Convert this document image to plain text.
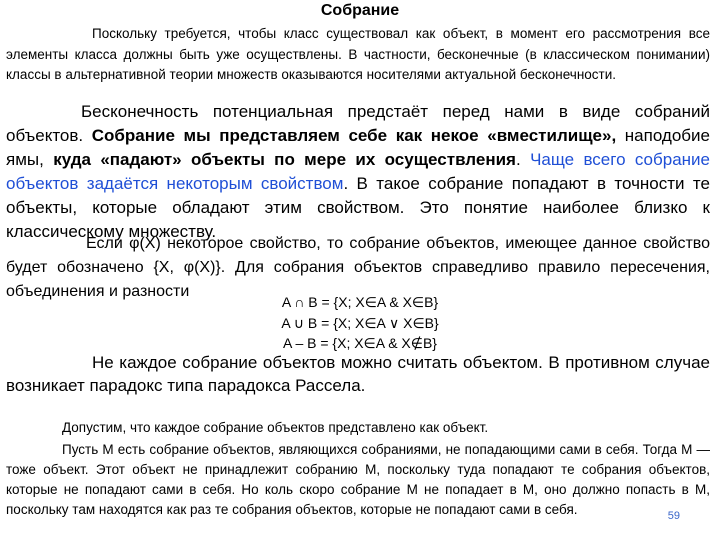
Собрание
Поскольку требуется, чтобы класс существовал как объект, в момент его рассмотрения все элементы класса должны быть уже осуществлены. В частности, бесконечные (в классическом понимании) классы в альтернативной теории множеств оказываются носителями актуальной бесконечности.
Бесконечность потенциальная предстаёт перед нами в виде собраний объектов. Собрание мы представляем себе как некое «вместилище», наподобие ямы, куда «падают» объекты по мере их осуществления. Чаще всего собрание объектов задаётся некоторым свойством. В такое собрание попадают в точности те объекты, которые обладают этим свойством. Это понятие наиболее близко к классическому множеству.
Если φ(X) некоторое свойство, то собрание объектов, имеющее данное свойство будет обозначено {X, φ(X)}. Для собрания объектов справедливо правило пересечения, объединения и разности
A ∩ B = {X; X∈A & X∈B}
A ∪ B = {X; X∈A ∨ X∈B}
A – B = {X; X∈A & X∉B}
Не каждое собрание объектов можно считать объектом. В противном случае возникает парадокс типа парадокса Рассела.
Допустим, что каждое собрание объектов представлено как объект.
Пусть M есть собрание объектов, являющихся собраниями, не попадающими сами в себя. Тогда M — тоже объект. Этот объект не принадлежит собранию M, поскольку туда попадают те собрания объектов, которые не попадают сами в себя. Но коль скоро собрание M не попадает в M, оно должно попасть в M, поскольку там находятся как раз те собрания объектов, которые не попадают сами в себя.	59
